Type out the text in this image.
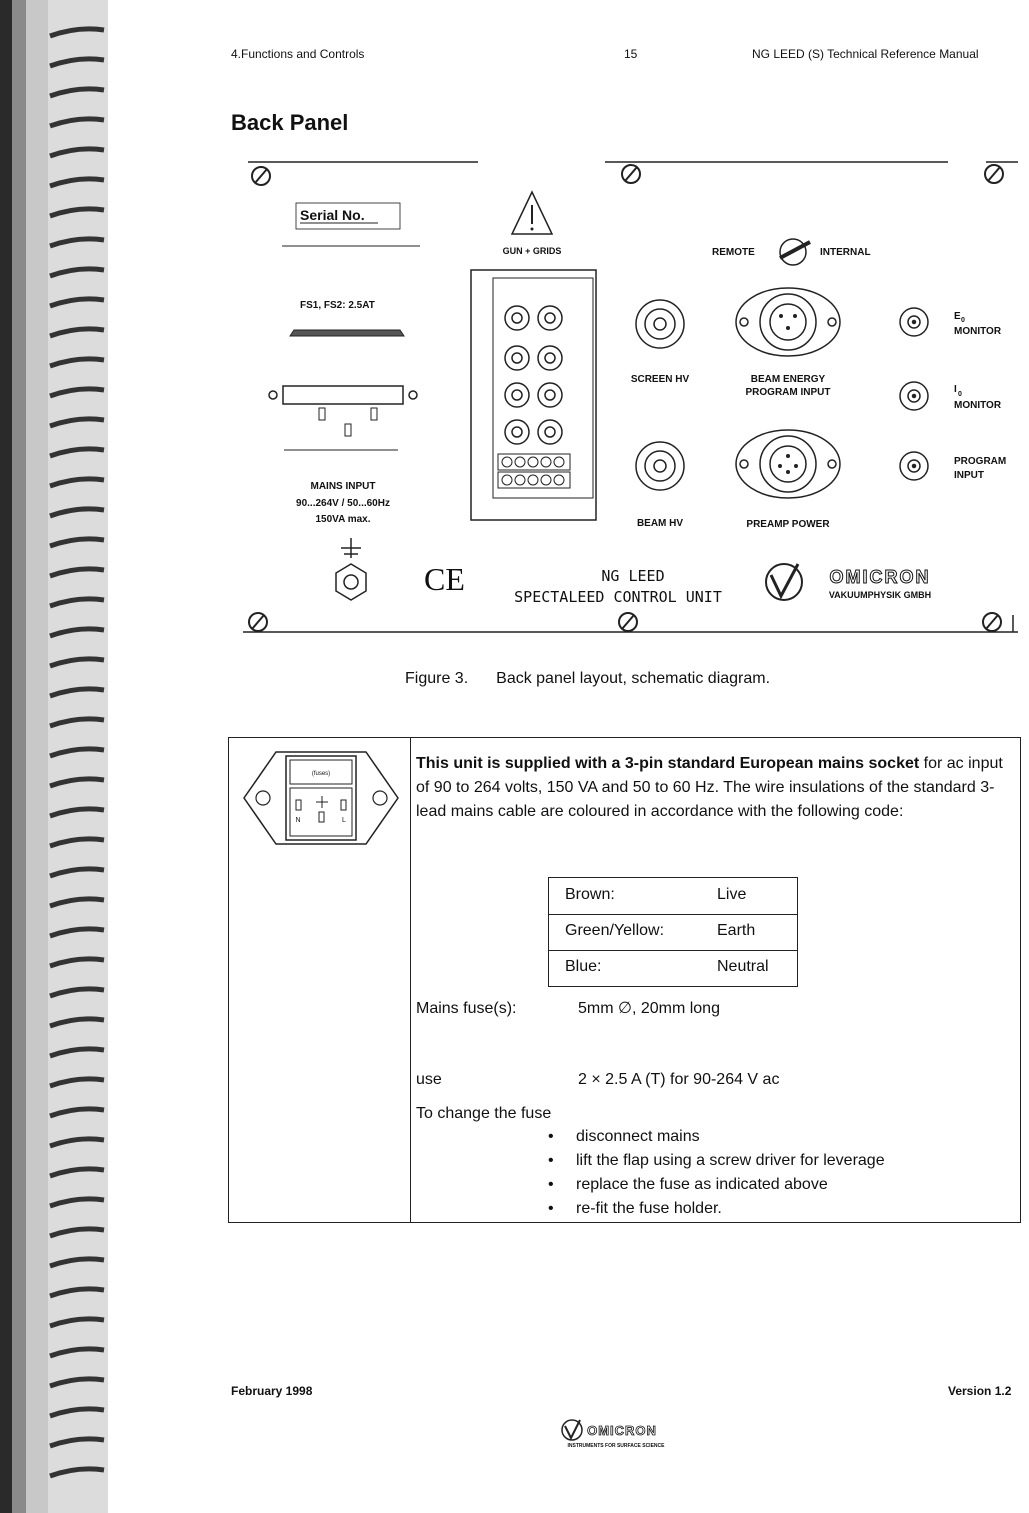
4.Functions and Controls	15	NG LEED (S) Technical Reference Manual
Back Panel
Serial No.
FS1, FS2: 2.5AT
MAINS INPUT
90...264V / 50...60Hz
150VA max.
GUN + GRIDS	REMOTE	INTERNAL
SCREEN HV
BEAM HV
BEAM ENERGY
PROGRAM INPUT
PREAMP POWER
E 0
MONITOR
I 0
MONITOR
PROGRAM
INPUT
CE	NG LEED
SPECTALEED CONTROL UNIT
OMICRON
VAKUUMPHYSIK GMBH
Figure 3. Back panel layout, schematic diagram.
(fuses)
N	L
This unit is supplied with a 3-pin standard European mains socket for ac input of 90 to 264 volts, 150 VA and 50 to 60 Hz. The wire insulations of the standard 3-lead mains cable are coloured in accordance with the following code:
Brown:	Live
Green/Yellow:	Earth
Blue:	Neutral
Mains fuse(s):	5mm ∅, 20mm long
use	2 × 2.5 A (T) for 90-264 V ac
To change the fuse
• disconnect mains
• lift the flap using a screw driver for leverage
• replace the fuse as indicated above
• re-fit the fuse holder.
February 1998	Version 1.2
OMICRON
INSTRUMENTS FOR SURFACE SCIENCE
